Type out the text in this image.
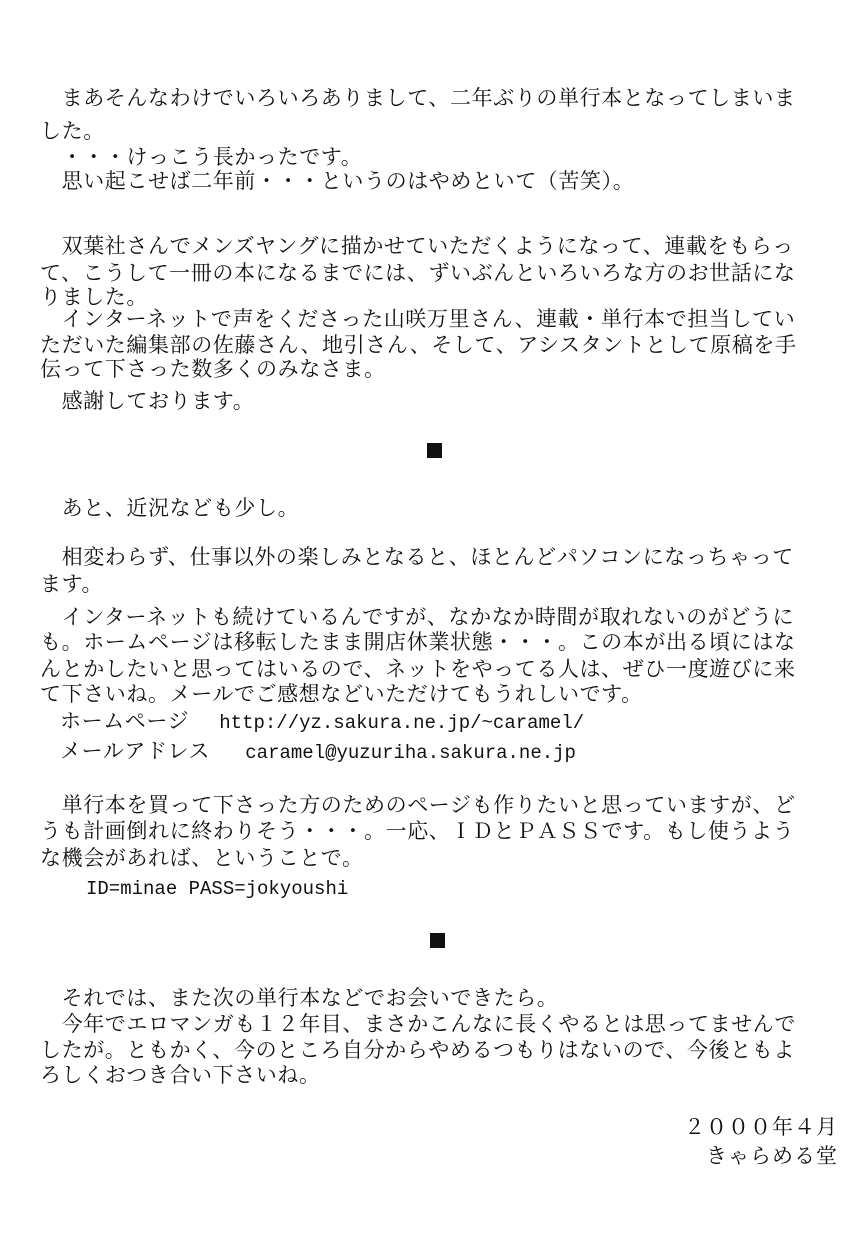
　まあそんなわけでいろいろありまして、二年ぶりの単行本となってしまいま
した。
　・・・けっこう長かったです。
　思い起こせば二年前・・・というのはやめといて（苦笑）。
　双葉社さんでメンズヤングに描かせていただくようになって、連載をもらっ
て、こうして一冊の本になるまでには、ずいぶんといろいろな方のお世話にな
りました。
　インターネットで声をくださった山咲万里さん、連載・単行本で担当してい
ただいた編集部の佐藤さん、地引さん、そして、アシスタントとして原稿を手
伝って下さった数多くのみなさま。
　感謝しております。
　あと、近況なども少し。
　相変わらず、仕事以外の楽しみとなると、ほとんどパソコンになっちゃって
ます。
　インターネットも続けているんですが、なかなか時間が取れないのがどうに
も。ホームページは移転したまま開店休業状態・・・。この本が出る頃にはな
んとかしたいと思ってはいるので、ネットをやってる人は、ぜひ一度遊びに来
て下さいね。メールでご感想などいただけてもうれしいです。
ホームページ http://yz.sakura.ne.jp/~caramel/
メールアドレス caramel@yuzuriha.sakura.ne.jp
　単行本を買って下さった方のためのページも作りたいと思っていますが、ど
うも計画倒れに終わりそう・・・。一応、ＩＤとＰＡＳＳです。もし使うよう
な機会があれば、ということで。
ID=minae PASS=jokyoushi
　それでは、また次の単行本などでお会いできたら。
　今年でエロマンガも１２年目、まさかこんなに長くやるとは思ってませんで
したが。ともかく、今のところ自分からやめるつもりはないので、今後ともよ
ろしくおつき合い下さいね。
２０００年４月
きゃらめる堂
